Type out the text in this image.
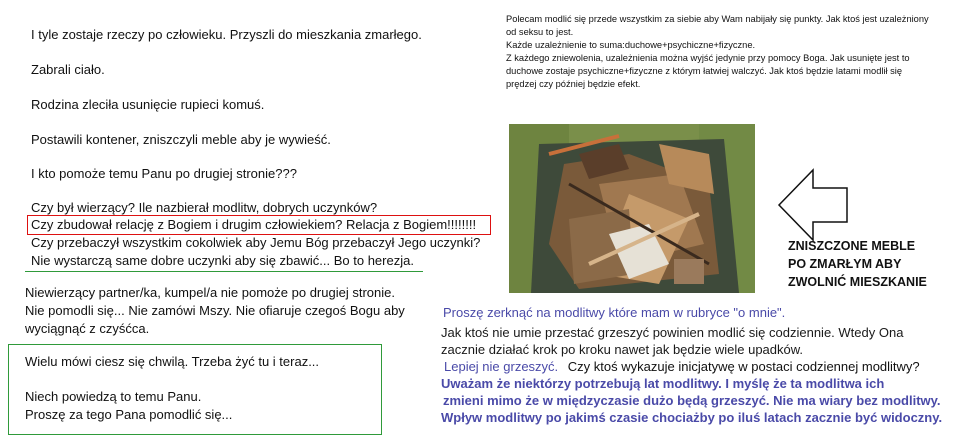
I tyle zostaje rzeczy po człowieku. Przyszli do mieszkania zmarłego.
Zabrali ciało.
Rodzina zleciła usunięcie rupieci komuś.
Postawili kontener, zniszczyli meble aby je wywieść.
I kto pomoże temu Panu po drugiej stronie???
Czy był wierzący? Ile nazbierał modlitw, dobrych uczynków?
Czy zbudował relację z Bogiem i drugim człowiekiem? Relacja z Bogiem!!!!!!!!
Czy przebaczył wszystkim cokolwiek aby Jemu Bóg przebaczył Jego uczynki?
Nie wystarczą same dobre uczynki aby się zbawić... Bo to herezja.
Niewierzący partner/ka, kumpel/a nie pomoże po drugiej stronie.
Nie pomodli się... Nie zamówi Mszy. Nie ofiaruje czegoś Bogu aby
wyciągnąć z czyśćca.
Wielu mówi ciesz się chwilą. Trzeba żyć tu i teraz...
Niech powiedzą to temu Panu.
Proszę za tego Pana pomodlić się...
Polecam modlić się przede wszystkim za siebie aby Wam nabijały się punkty. Jak ktoś jest uzależniony
od seksu to jest.
Każde uzależnienie to suma:duchowe+psychiczne+fizyczne.
Z każdego zniewolenia, uzależnienia można wyjść jedynie przy pomocy Boga. Jak usunięte jest to
duchowe zostaje psychiczne+fizyczne z którym łatwiej walczyć. Jak ktoś będzie latami modlił się
prędzej czy później będzie efekt.
ZNISZCZONE MEBLE
PO ZMARŁYM ABY
ZWOLNIĆ MIESZKANIE
Proszę zerknąć na modlitwy które mam w rubryce "o mnie".
Jak ktoś nie umie przestać grzeszyć powinien modlić się codziennie. Wtedy Ona
zacznie działać krok po kroku nawet jak będzie wiele upadków.
Lepiej nie grzeszyć. Czy ktoś wykazuje inicjatywę w postaci codziennej modlitwy?
Uważam że niektórzy potrzebują lat modlitwy. I myślę że ta modlitwa ich
zmieni mimo że w międzyczasie dużo będą grzeszyć. Nie ma wiary bez modlitwy.
Wpływ modlitwy po jakimś czasie chociażby po iluś latach zacznie być widoczny.
